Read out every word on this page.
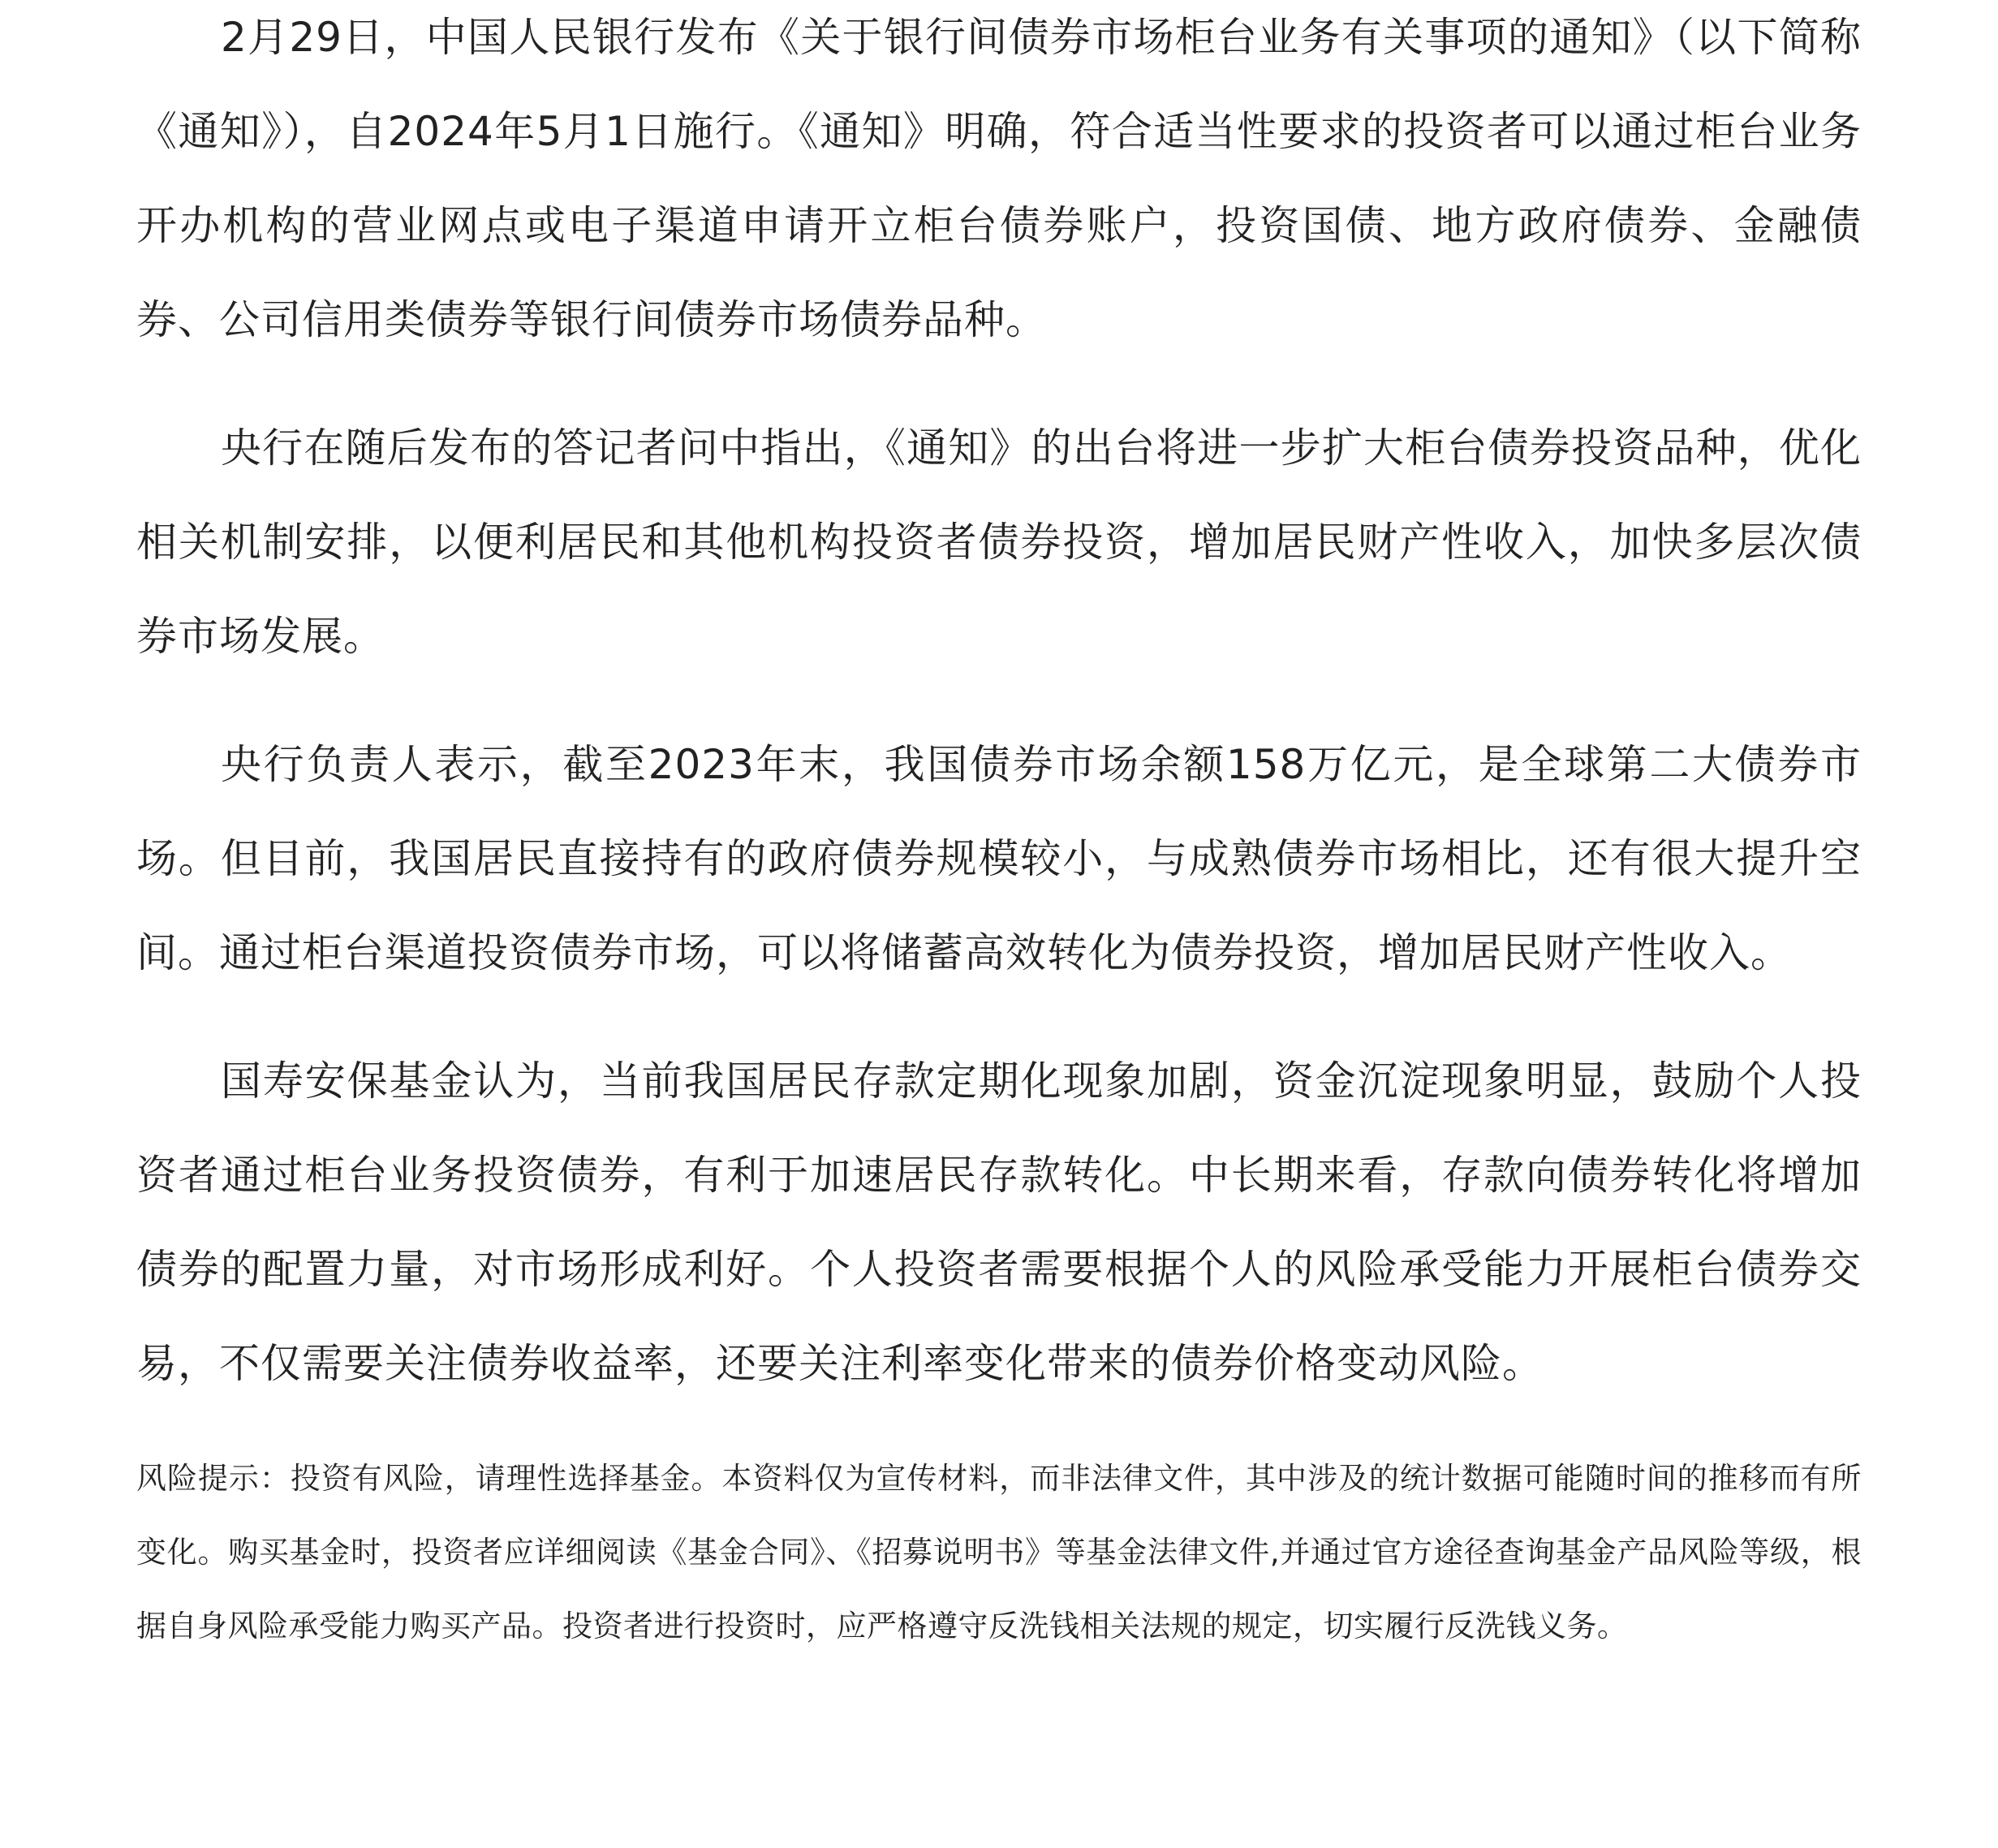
2月29日，中国人民银行发布《关于银行间债券市场柜台业务有关事项的通知》（以下简称《通知》），自2024年5月1日施行。《通知》明确，符合适当性要求的投资者可以通过柜台业务开办机构的营业网点或电子渠道申请开立柜台债券账户，投资国债、地方政府债券、金融债券、公司信用类债券等银行间债券市场债券品种。

央行在随后发布的答记者问中指出，《通知》的出台将进一步扩大柜台债券投资品种，优化相关机制安排，以便利居民和其他机构投资者债券投资，增加居民财产性收入，加快多层次债券市场发展。

央行负责人表示，截至2023年末，我国债券市场余额158万亿元，是全球第二大债券市场。但目前，我国居民直接持有的政府债券规模较小，与成熟债券市场相比，还有很大提升空间。通过柜台渠道投资债券市场，可以将储蓄高效转化为债券投资，增加居民财产性收入。

国寿安保基金认为，当前我国居民存款定期化现象加剧，资金沉淀现象明显，鼓励个人投资者通过柜台业务投资债券，有利于加速居民存款转化。中长期来看，存款向债券转化将增加债券的配置力量，对市场形成利好。个人投资者需要根据个人的风险承受能力开展柜台债券交易，不仅需要关注债券收益率，还要关注利率变化带来的债券价格变动风险。

风险提示：投资有风险，请理性选择基金。本资料仅为宣传材料，而非法律文件，其中涉及的统计数据可能随时间的推移而有所变化。购买基金时，投资者应详细阅读《基金合同》、《招募说明书》等基金法律文件,并通过官方途径查询基金产品风险等级，根据自身风险承受能力购买产品。投资者进行投资时，应严格遵守反洗钱相关法规的规定，切实履行反洗钱义务。
